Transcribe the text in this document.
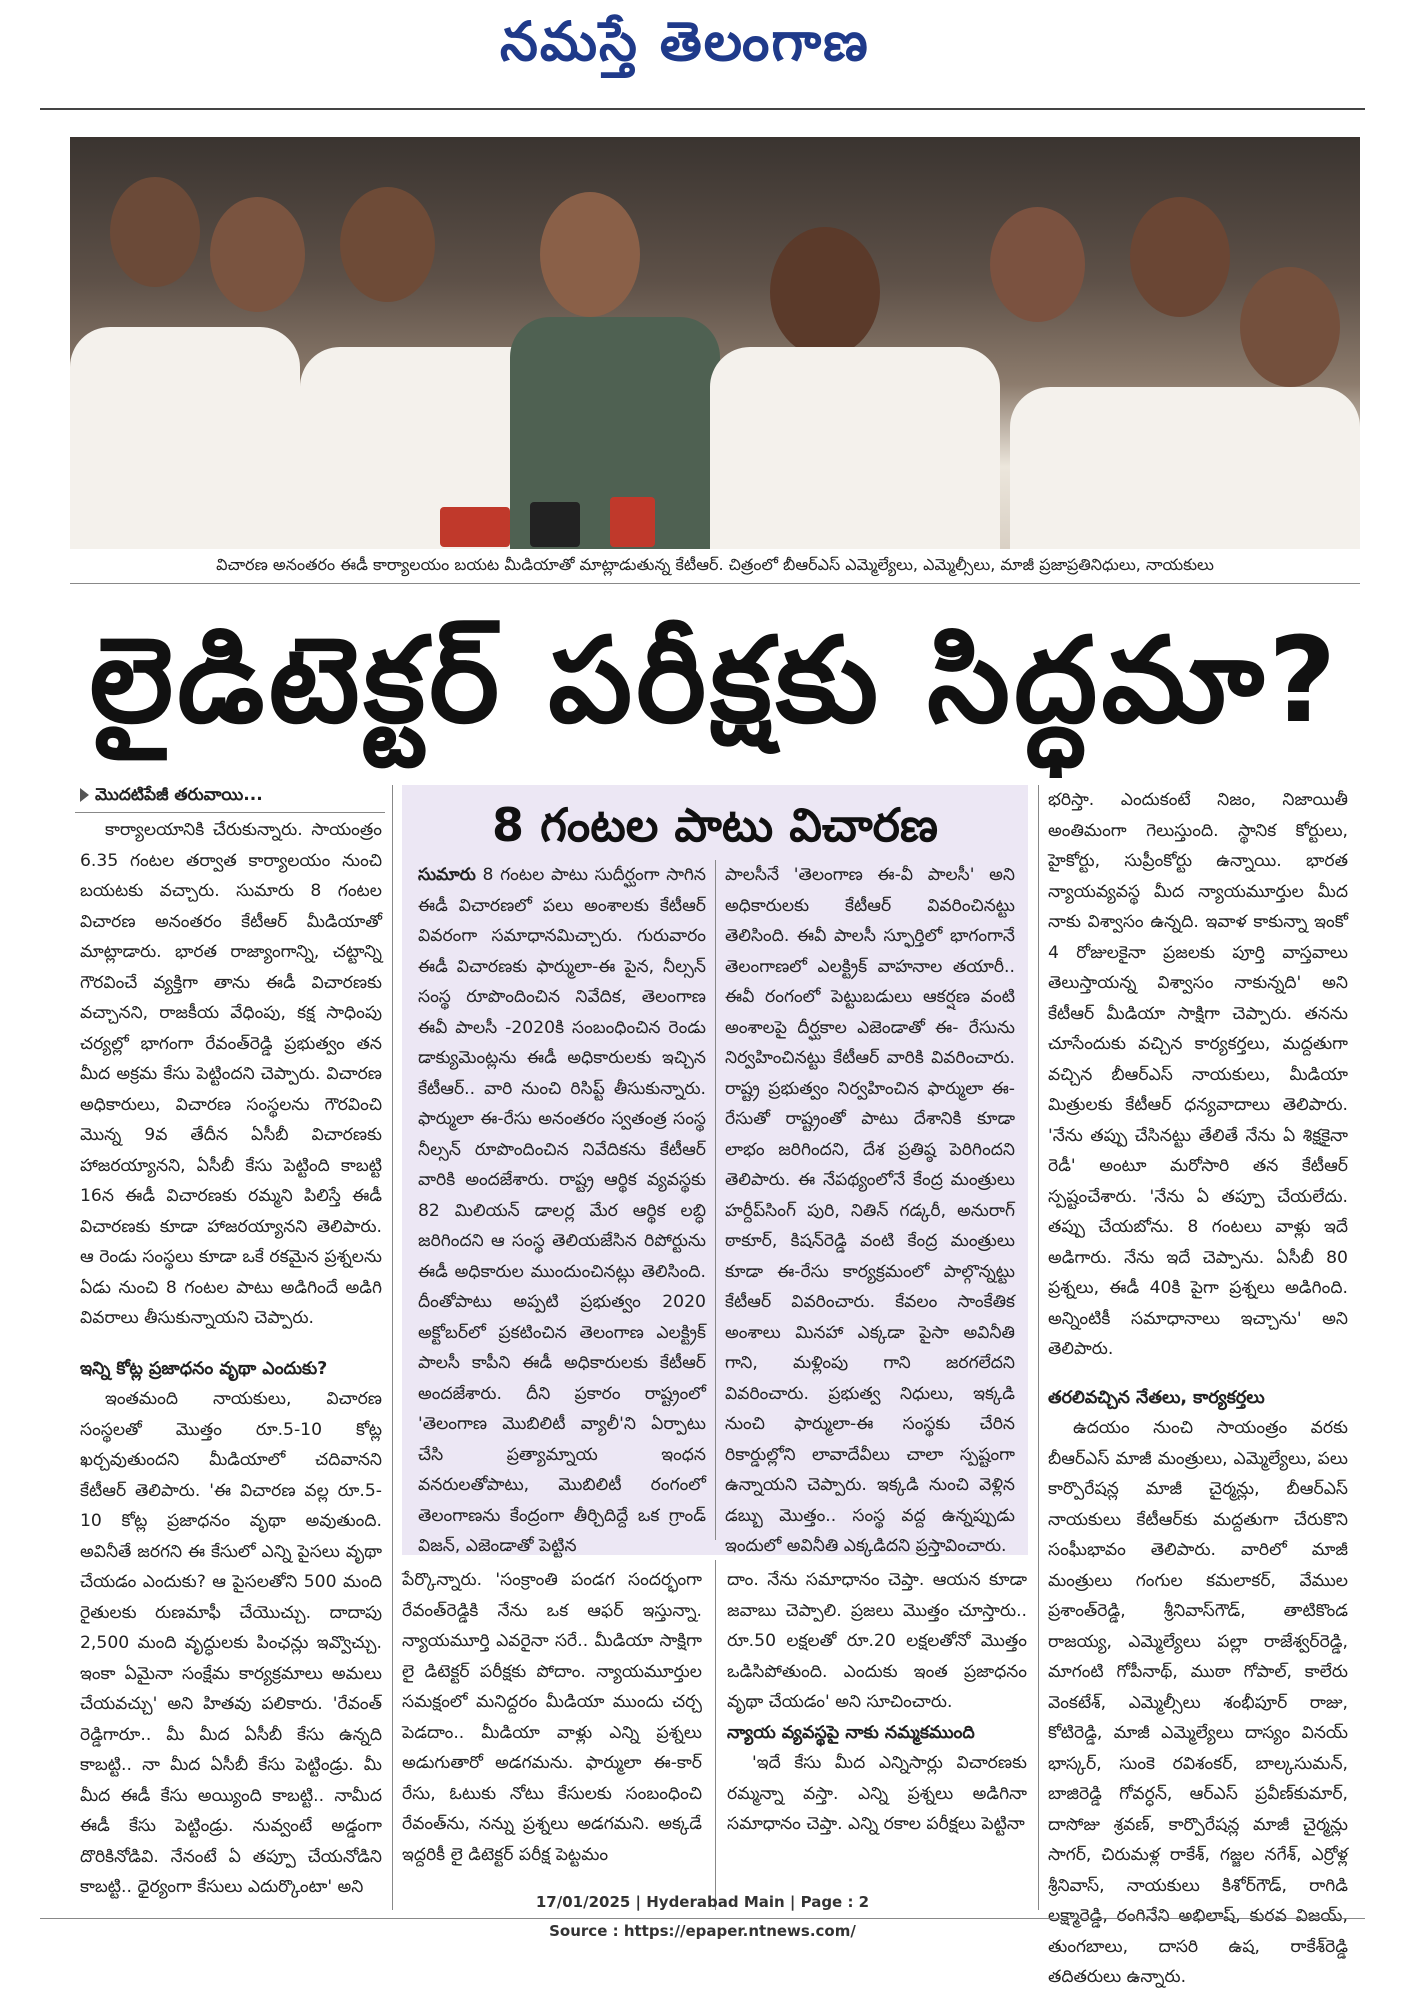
నమస్తే తెలంగాణ
విచారణ అనంతరం ఈడీ కార్యాలయం బయట మీడియాతో మాట్లాడుతున్న కేటీఆర్‌. చిత్రంలో బీఆర్‌ఎస్‌ ఎమ్మెల్యేలు, ఎమ్మెల్సీలు, మాజీ ప్రజాప్రతినిధులు, నాయకులు
లైడిటెక్టర్‌ పరీక్షకు సిద్ధమా?
మొదటిపేజీ తరువాయి...

కార్యాలయానికి చేరుకున్నారు. సాయంత్రం 6.35 గంటల తర్వాత కార్యాలయం నుంచి బయటకు వచ్చారు. సుమారు 8 గంటల విచారణ అనంతరం కేటీఆర్‌ మీడియాతో మాట్లాడారు. భారత రాజ్యాంగాన్ని, చట్టాన్ని గౌరవించే వ్యక్తిగా తాను ఈడీ విచారణకు వచ్చానని, రాజకీయ వేధింపు, కక్ష సాధింపు చర్యల్లో భాగంగా రేవంత్‌రెడ్డి ప్రభుత్వం తన మీద అక్రమ కేసు పెట్టిందని చెప్పారు. విచారణ అధికారులు, విచారణ సంస్థలను గౌరవించి మొన్న 9వ తేదీన ఏసీబీ విచారణకు హాజరయ్యానని, ఏసీబీ కేసు పెట్టింది కాబట్టి 16న ఈడీ విచారణకు రమ్మని పిలిస్తే ఈడీ విచారణకు కూడా హాజరయ్యానని తెలిపారు. ఆ రెండు సంస్థలు కూడా ఒకే రకమైన ప్రశ్నలను ఏడు నుంచి 8 గంటల పాటు అడిగిందే అడిగి వివరాలు తీసుకున్నాయని చెప్పారు.

ఇన్ని కోట్ల ప్రజాధనం వృథా ఎందుకు?

ఇంతమంది నాయకులు, విచారణ సంస్థలతో మొత్తం రూ.5-10 కోట్ల ఖర్చవుతుందని మీడియాలో చదివానని కేటీఆర్‌ తెలిపారు. 'ఈ విచారణ వల్ల రూ.5-10 కోట్ల ప్రజాధనం వృథా అవుతుంది. అవినీతే జరగని ఈ కేసులో ఎన్ని పైసలు వృథా చేయడం ఎందుకు? ఆ పైసలతోని 500 మంది రైతులకు రుణమాఫీ చేయొచ్చు. దాదాపు 2,500 మంది వృద్ధులకు పింఛన్లు ఇవ్వొచ్చు. ఇంకా ఏమైనా సంక్షేమ కార్యక్రమాలు అమలు చేయవచ్చు' అని హితవు పలికారు. 'రేవంత్‌ రెడ్డిగారూ.. మీ మీద ఏసీబీ కేసు ఉన్నది కాబట్టి.. నా మీద ఏసీబీ కేసు పెట్టిండ్రు. మీ మీద ఈడీ కేసు అయ్యింది కాబట్టి.. నామీద ఈడీ కేసు పెట్టిండ్రు. నువ్వంటే అడ్డంగా దొరికినోడివి. నేనంటే ఏ తప్పూ చేయనోడిని కాబట్టి.. ధైర్యంగా కేసులు ఎదుర్కొంటా' అని

8 గంటల పాటు విచారణ

సుమారు 8 గంటల పాటు సుదీర్ఘంగా సాగిన ఈడీ విచారణలో పలు అంశాలకు కేటీఆర్‌ వివరంగా సమాధానమిచ్చారు. గురువారం ఈడీ విచారణకు ఫార్ములా-ఈ పైన, నీల్సన్‌ సంస్థ రూపొందించిన నివేదిక, తెలంగాణ ఈవీ పాలసీ -2020కి సంబంధించిన రెండు డాక్యుమెంట్లను ఈడీ అధికారులకు ఇచ్చిన కేటీఆర్‌.. వారి నుంచి రిసిప్ట్‌ తీసుకున్నారు. ఫార్ములా ఈ-రేసు అనంతరం స్వతంత్ర సంస్థ నీల్సన్‌ రూపొందించిన నివేదికను కేటీఆర్‌ వారికి అందజేశారు. రాష్ట్ర ఆర్థిక వ్యవస్థకు 82 మిలియన్‌ డాలర్ల మేర ఆర్థిక లబ్ధి జరిగిందని ఆ సంస్థ తెలియజేసిన రిపోర్టును ఈడీ అధికారుల ముందుంచినట్లు తెలిసింది. దీంతోపాటు అప్పటి ప్రభుత్వం 2020 అక్టోబర్‌లో ప్రకటించిన తెలంగాణ ఎలక్ట్రిక్‌ పాలసీ కాపీని ఈడీ అధికారులకు కేటీఆర్‌ అందజేశారు. దీని ప్రకారం రాష్ట్రంలో 'తెలంగాణ మొబిలిటీ వ్యాలీ'ని ఏర్పాటు చేసి ప్రత్యామ్నాయ ఇంధన వనరులతోపాటు, మొబిలిటీ రంగంలో తెలంగాణను కేంద్రంగా తీర్చిదిద్దే ఒక గ్రాండ్‌ విజన్‌, ఎజెండాతో పెట్టిన

పాలసీనే 'తెలంగాణ ఈ-వీ పాలసీ' అని అధికారులకు కేటీఆర్‌ వివరించినట్టు తెలిసింది. ఈవీ పాలసీ స్ఫూర్తిలో భాగంగానే తెలంగాణలో ఎలక్ట్రిక్‌ వాహనాల తయారీ.. ఈవీ రంగంలో పెట్టుబడులు ఆకర్షణ వంటి అంశాలపై దీర్ఘకాల ఎజెండాతో ఈ- రేసును నిర్వహించినట్టు కేటీఆర్‌ వారికి వివరించారు. రాష్ట్ర ప్రభుత్వం నిర్వహించిన ఫార్ములా ఈ-రేసుతో రాష్ట్రంతో పాటు దేశానికి కూడా లాభం జరిగిందని, దేశ ప్రతిష్ఠ పెరిగిందని తెలిపారు. ఈ నేపథ్యంలోనే కేంద్ర మంత్రులు హర్దీప్‌సింగ్‌ పురి, నితిన్‌ గడ్కరీ, అనురాగ్‌ ఠాకూర్‌, కిషన్‌రెడ్డి వంటి కేంద్ర మంత్రులు కూడా ఈ-రేసు కార్యక్రమంలో పాల్గొన్నట్టు కేటీఆర్‌ వివరించారు. కేవలం సాంకేతిక అంశాలు మినహా ఎక్కడా పైసా అవినీతి గాని, మళ్లింపు గాని జరగలేదని వివరించారు. ప్రభుత్వ నిధులు, ఇక్కడి నుంచి ఫార్ములా-ఈ సంస్థకు చేరిన రికార్డుల్లోని లావాదేవీలు చాలా స్పష్టంగా ఉన్నాయని చెప్పారు. ఇక్కడి నుంచి వెళ్లిన డబ్బు మొత్తం.. సంస్థ వద్ద ఉన్నప్పుడు ఇందులో అవినీతి ఎక్కడిదని ప్రస్తావించారు.

పేర్కొన్నారు. 'సంక్రాంతి పండగ సందర్భంగా రేవంత్‌రెడ్డికి నేను ఒక ఆఫర్‌ ఇస్తున్నా. న్యాయమూర్తి ఎవరైనా సరే.. మీడియా సాక్షిగా లై డిటెక్టర్‌ పరీక్షకు పోదాం. న్యాయమూర్తుల సమక్షంలో మనిద్దరం మీడియా ముందు చర్చ పెడదాం.. మీడియా వాళ్లు ఎన్ని ప్రశ్నలు అడుగుతారో అడగమను. ఫార్ములా ఈ-కార్‌ రేసు, ఓటుకు నోటు కేసులకు సంబంధించి రేవంత్‌ను, నన్ను ప్రశ్నలు అడగమని. అక్కడే ఇద్దరికీ లై డిటెక్టర్‌ పరీక్ష పెట్టమం

దాం. నేను సమాధానం చెప్తా. ఆయన కూడా జవాబు చెప్పాలి. ప్రజలు మొత్తం చూస్తారు.. రూ.50 లక్షలతో రూ.20 లక్షలతోనో మొత్తం ఒడిసిపోతుంది. ఎందుకు ఇంత ప్రజాధనం వృథా చేయడం' అని సూచించారు.

న్యాయ వ్యవస్థపై నాకు నమ్మకముంది

'ఇదే కేసు మీద ఎన్నిసార్లు విచారణకు రమ్మన్నా వస్తా. ఎన్ని ప్రశ్నలు అడిగినా సమాధానం చెప్తా. ఎన్ని రకాల పరీక్షలు పెట్టినా

భరిస్తా. ఎందుకంటే నిజం, నిజాయితీ అంతిమంగా గెలుస్తుంది. స్థానిక కోర్టులు, హైకోర్టు, సుప్రీంకోర్టు ఉన్నాయి. భారత న్యాయవ్యవస్థ మీద న్యాయమూర్తుల మీద నాకు విశ్వాసం ఉన్నది. ఇవాళ కాకున్నా ఇంకో 4 రోజులకైనా ప్రజలకు పూర్తి వాస్తవాలు తెలుస్తాయన్న విశ్వాసం నాకున్నది' అని కేటీఆర్‌ మీడియా సాక్షిగా చెప్పారు. తనను చూసేందుకు వచ్చిన కార్యకర్తలు, మద్దతుగా వచ్చిన బీఆర్‌ఎస్‌ నాయకులు, మీడియా మిత్రులకు కేటీఆర్‌ ధన్యవాదాలు తెలిపారు. 'నేను తప్పు చేసినట్టు తేలితే నేను ఏ శిక్షకైనా రెడీ' అంటూ మరోసారి తన కేటీఆర్‌ స్పష్టంచేశారు. 'నేను ఏ తప్పూ చేయలేదు. తప్పు చేయబోను. 8 గంటలు వాళ్లు ఇదే అడిగారు. నేను ఇదే చెప్పాను. ఏసీబీ 80 ప్రశ్నలు, ఈడీ 40కి పైగా ప్రశ్నలు అడిగింది. అన్నింటికీ సమాధానాలు ఇచ్చాను' అని తెలిపారు.

తరలివచ్చిన నేతలు, కార్యకర్తలు

ఉదయం నుంచి సాయంత్రం వరకు బీఆర్‌ఎస్‌ మాజీ మంత్రులు, ఎమ్మెల్యేలు, పలు కార్పొరేషన్ల మాజీ చైర్మన్లు, బీఆర్‌ఎస్‌ నాయకులు కేటీఆర్‌కు మద్దతుగా చేరుకొని సంఘీభావం తెలిపారు. వారిలో మాజీ మంత్రులు గంగుల కమలాకర్‌, వేముల ప్రశాంత్‌రెడ్డి, శ్రీనివాస్‌గౌడ్‌, తాటికొండ రాజయ్య, ఎమ్మెల్యేలు పల్లా రాజేశ్వర్‌రెడ్డి, మాగంటి గోపీనాథ్‌, ముఠా గోపాల్‌, కాలేరు వెంకటేశ్‌, ఎమ్మెల్సీలు శంభీపూర్‌ రాజు, కోటిరెడ్డి, మాజీ ఎమ్మెల్యేలు దాస్యం వినయ్‌ భాస్కర్‌, సుంకె రవిశంకర్‌, బాల్కసుమన్‌, బాజిరెడ్డి గోవర్ధన్‌, ఆర్‌ఎస్‌ ప్రవీణ్‌కుమార్‌, దాసోజు శ్రవణ్‌, కార్పొరేషన్ల మాజీ చైర్మన్లు సాగర్‌, చిరుమళ్ల రాకేశ్‌, గజ్జల నగేశ్‌, ఎర్రోళ్ల శ్రీనివాస్‌, నాయకులు కిశోర్‌గౌడ్‌, రాగిడి లక్ష్మారెడ్డి, రంగినేని అభిలాష్‌, కురవ విజయ్‌, తుంగబాలు, దాసరి ఉష, రాకేశ్‌రెడ్డి తదితరులు ఉన్నారు.

17/01/2025 | Hyderabad Main | Page : 2
Source : https://epaper.ntnews.com/
